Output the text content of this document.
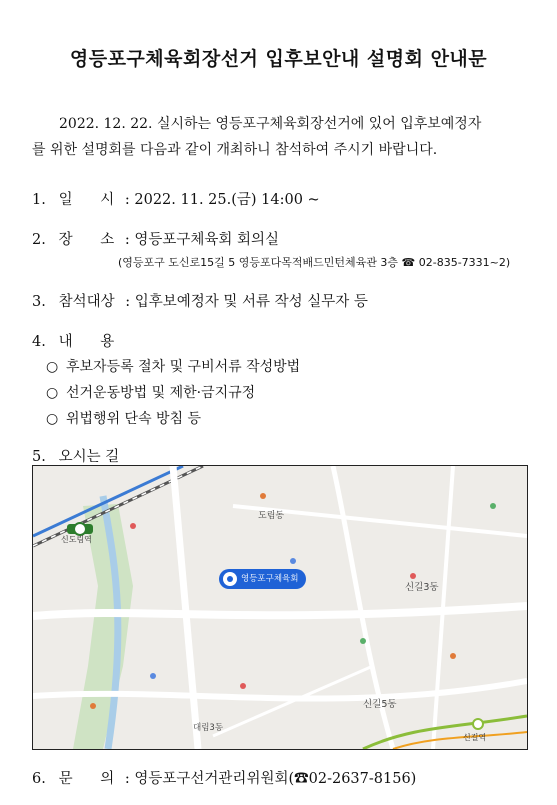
영등포구체육회장선거 입후보안내 설명회 안내문
2022. 12. 22. 실시하는 영등포구체육회장선거에 있어 입후보예정자
를 위한 설명회를 다음과 같이 개최하니 참석하여 주시기 바랍니다.
1. 일      시 : 2022. 11. 25.(금) 14:00 ~
2. 장      소 : 영등포구체육회 회의실
(영등포구 도신로15길 5 영등포다목적배드민턴체육관 3층 ☎ 02-835-7331~2)
3. 참석대상 : 입후보예정자 및 서류 작성 실무자 등
4. 내      용
○ 후보자등록 절차 및 구비서류 작성방법
○ 선거운동방법 및 제한·금지규정
○ 위법행위 단속 방침 등
5. 오시는 길
도림동
신길3동
신길5동
대림3동
신길역
신도림역
영등포구체육회
6. 문      의 : 영등포구선거관리위원회(☎02-2637-8156)
